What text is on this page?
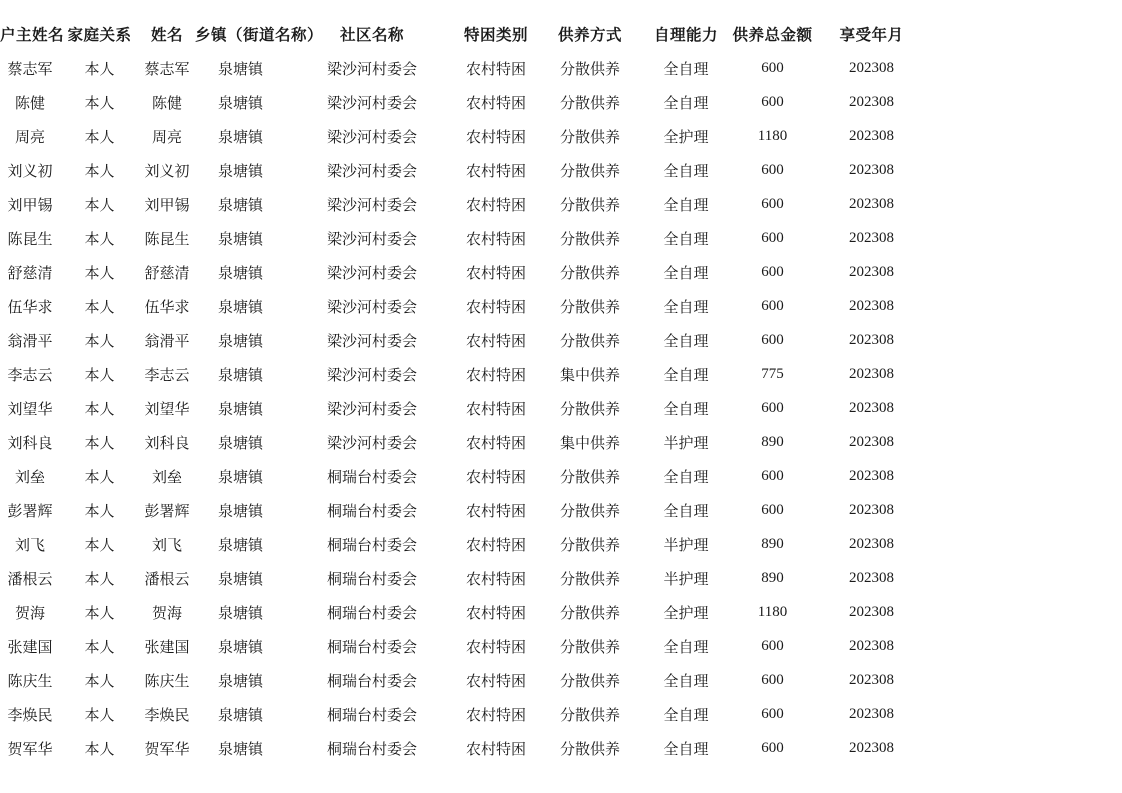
户主姓名	家庭关系	姓名	乡镇（街道名称）	社区名称	特困类别	供养方式	自理能力	供养总金额	享受年月	
蔡志军	本人	蔡志军	泉塘镇	梁沙河村委会	农村特困	分散供养	全自理	600	202308	
陈健	本人	陈健	泉塘镇	梁沙河村委会	农村特困	分散供养	全自理	600	202308	
周亮	本人	周亮	泉塘镇	梁沙河村委会	农村特困	分散供养	全护理	1180	202308	
刘义初	本人	刘义初	泉塘镇	梁沙河村委会	农村特困	分散供养	全自理	600	202308	
刘甲锡	本人	刘甲锡	泉塘镇	梁沙河村委会	农村特困	分散供养	全自理	600	202308	
陈昆生	本人	陈昆生	泉塘镇	梁沙河村委会	农村特困	分散供养	全自理	600	202308	
舒慈清	本人	舒慈清	泉塘镇	梁沙河村委会	农村特困	分散供养	全自理	600	202308	
伍华求	本人	伍华求	泉塘镇	梁沙河村委会	农村特困	分散供养	全自理	600	202308	
翁滑平	本人	翁滑平	泉塘镇	梁沙河村委会	农村特困	分散供养	全自理	600	202308	
李志云	本人	李志云	泉塘镇	梁沙河村委会	农村特困	集中供养	全自理	775	202308	
刘望华	本人	刘望华	泉塘镇	梁沙河村委会	农村特困	分散供养	全自理	600	202308	
刘科良	本人	刘科良	泉塘镇	梁沙河村委会	农村特困	集中供养	半护理	890	202308	
刘垒	本人	刘垒	泉塘镇	桐瑞台村委会	农村特困	分散供养	全自理	600	202308	
彭署辉	本人	彭署辉	泉塘镇	桐瑞台村委会	农村特困	分散供养	全自理	600	202308	
刘飞	本人	刘飞	泉塘镇	桐瑞台村委会	农村特困	分散供养	半护理	890	202308	
潘根云	本人	潘根云	泉塘镇	桐瑞台村委会	农村特困	分散供养	半护理	890	202308	
贺海	本人	贺海	泉塘镇	桐瑞台村委会	农村特困	分散供养	全护理	1180	202308	
张建国	本人	张建国	泉塘镇	桐瑞台村委会	农村特困	分散供养	全自理	600	202308	
陈庆生	本人	陈庆生	泉塘镇	桐瑞台村委会	农村特困	分散供养	全自理	600	202308	
李焕民	本人	李焕民	泉塘镇	桐瑞台村委会	农村特困	分散供养	全自理	600	202308	
贺军华	本人	贺军华	泉塘镇	桐瑞台村委会	农村特困	分散供养	全自理	600	202308	
